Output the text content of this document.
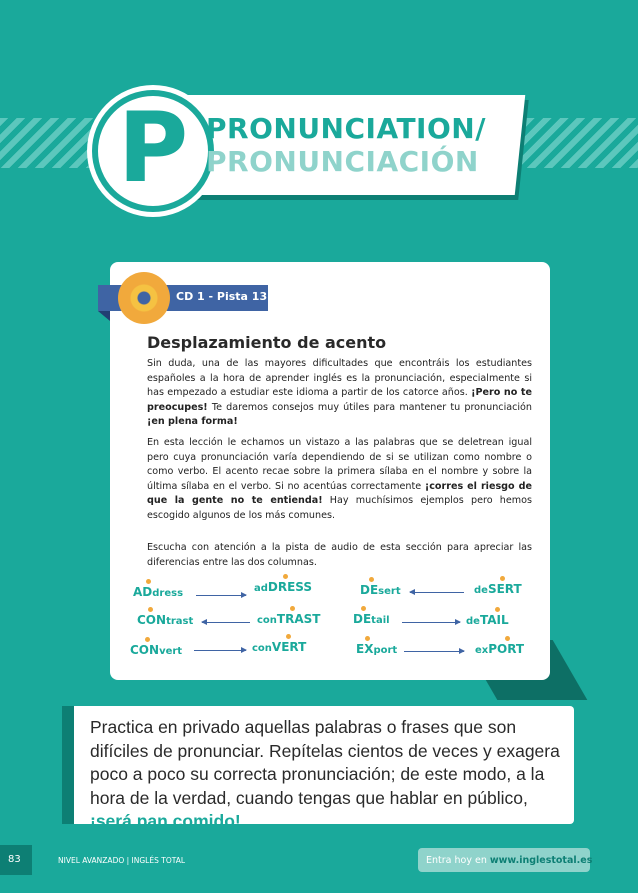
P PRONUNCIATION/
PRONUNCIACIÓN
CD 1 - Pista 13
Desplazamiento de acento

Sin duda, una de las mayores dificultades que encontráis los estudiantes españoles a la hora de aprender inglés es la pronunciación, especialmente si has empezado a estudiar este idioma a partir de los catorce años. ¡Pero no te preocupes! Te daremos consejos muy útiles para mantener tu pronunciación ¡en plena forma!

En esta lección le echamos un vistazo a las palabras que se deletrean igual pero cuya pronunciación varía dependiendo de si se utilizan como nombre o como verbo. El acento recae sobre la primera sílaba en el nombre y sobre la última sílaba en el verbo. Si no acentúas correctamente ¡corres el riesgo de que la gente no te entienda! Hay muchísimos ejemplos pero hemos escogido algunos de los más comunes.

Escucha con atención a la pista de audio de esta sección para apreciar las diferencias entre las dos columnas.

ADdress	adDRESS
CONtrast	conTRAST
CONvert	conVERT
DEsert	deSERT
DEtail	deTAIL
EXport	exPORT

Practica en privado aquellas palabras o frases que son difíciles de pronunciar. Repítelas cientos de veces y exagera poco a poco su correcta pronunciación; de este modo, a la hora de la verdad, cuando tengas que hablar en público, ¡será pan comido!

83	NIVEL AVANZADO | INGLÉS TOTAL	Entra hoy en www.inglestotal.es
